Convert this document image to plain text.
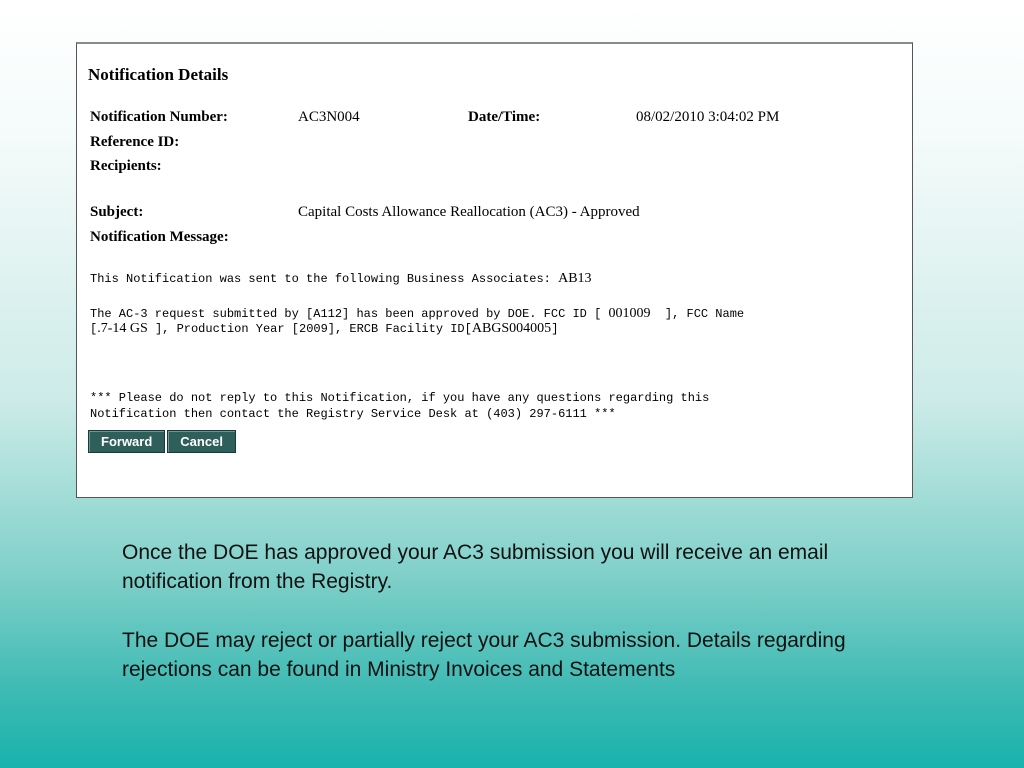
Notification Details
Notification Number:	AC3N004	Date/Time:	08/02/2010 3:04:02 PM
Reference ID:
Recipients:
Subject:	Capital Costs Allowance Reallocation (AC3) - Approved
Notification Message:

This Notification was sent to the following Business Associates: AB13

The AC-3 request submitted by [A112] has been approved by DOE. FCC ID [ 001009  ], FCC Name

[.7-14 GS ], Production Year [2009], ERCB Facility ID[ABGS004005]

*** Please do not reply to this Notification, if you have any questions regarding this

Notification then contact the Registry Service Desk at (403) 297-6111 ***

Forward	Cancel

Once the DOE has approved your AC3 submission you will receive an email notification from the Registry.

The DOE may reject or partially reject your AC3 submission. Details regarding rejections can be found in Ministry Invoices and Statements
